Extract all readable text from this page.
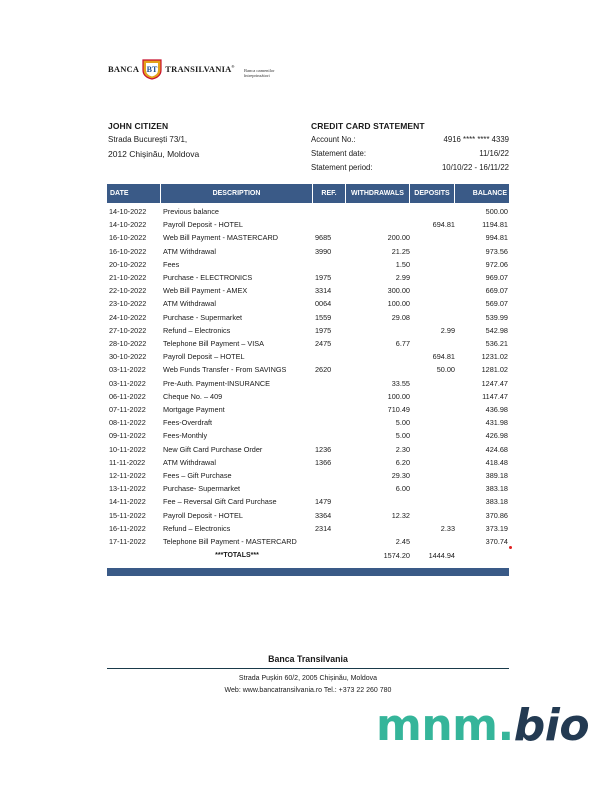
BANCA BT TRANSILVANIA®
Banca oamenilor întreprinzători
JOHN CITIZEN
Strada București 73/1,
2012 Chișinău, Moldova
CREDIT CARD STATEMENT
Account No.:	4916 **** **** 4339
Statement date:	11/16/22
Statement period:	10/10/22 - 16/11/22
DATE	DESCRIPTION	REF.	WITHDRAWALS	DEPOSITS	BALANCE
14-10-2022	Previous balance				500.00
14-10-2022	Payroll Deposit - HOTEL			694.81	1194.81
16-10-2022	Web Bill Payment - MASTERCARD	9685	200.00		994.81
16-10-2022	ATM Withdrawal	3990	21.25		973.56
20-10-2022	Fees		1.50		972.06
21-10-2022	Purchase - ELECTRONICS	1975	2.99		969.07
22-10-2022	Web Bill Payment - AMEX	3314	300.00		669.07
23-10-2022	ATM Withdrawal	0064	100.00		569.07
24-10-2022	Purchase - Supermarket	1559	29.08		539.99
27-10-2022	Refund – Electronics	1975		2.99	542.98
28-10-2022	Telephone Bill Payment – VISA	2475	6.77		536.21
30-10-2022	Payroll Deposit – HOTEL			694.81	1231.02
03-11-2022	Web Funds Transfer - From SAVINGS	2620		50.00	1281.02
03-11-2022	Pre-Auth. Payment-INSURANCE		33.55		1247.47
06-11-2022	Cheque No. – 409		100.00		1147.47
07-11-2022	Mortgage Payment		710.49		436.98
08-11-2022	Fees-Overdraft		5.00		431.98
09-11-2022	Fees-Monthly		5.00		426.98
10-11-2022	New Gift Card Purchase Order	1236	2.30		424.68
11-11-2022	ATM Withdrawal	1366	6.20		418.48
12-11-2022	Fees – Gift Purchase		29.30		389.18
13-11-2022	Purchase- Supermarket		6.00		383.18
14-11-2022	Fee – Reversal Gift Card Purchase	1479			383.18
15-11-2022	Payroll Deposit - HOTEL	3364	12.32		370.86
16-11-2022	Refund – Electronics	2314		2.33	373.19
17-11-2022	Telephone Bill Payment - MASTERCARD		2.45		370.74
	***TOTALS***		1574.20	1444.94	
Banca Transilvania
Strada Pușkin 60/2, 2005 Chișinău, Moldova
Web: www.bancatransilvania.ro Tel.: +373 22 260 780
mnm.bio
